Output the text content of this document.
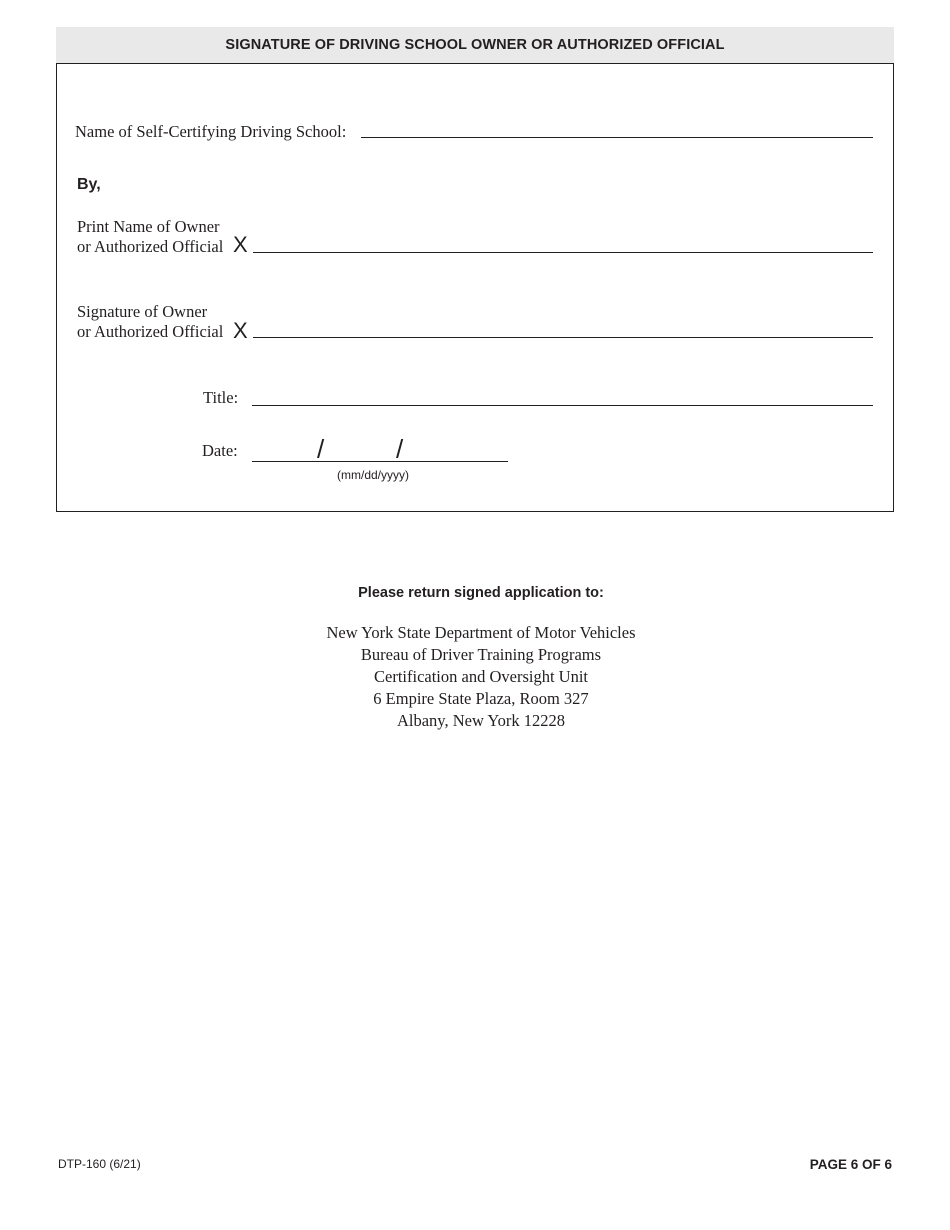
SIGNATURE OF DRIVING SCHOOL OWNER OR AUTHORIZED OFFICIAL
Name of Self-Certifying Driving School:
By,
Print Name of Owner
or Authorized Official X
Signature of Owner
or Authorized Official X
Title:
Date:	/	/
(mm/dd/yyyy)
Please return signed application to:
New York State Department of Motor Vehicles
Bureau of Driver Training Programs
Certification and Oversight Unit
6 Empire State Plaza, Room 327
Albany, New York 12228
DTP-160 (6/21)	PAGE 6 OF 6
